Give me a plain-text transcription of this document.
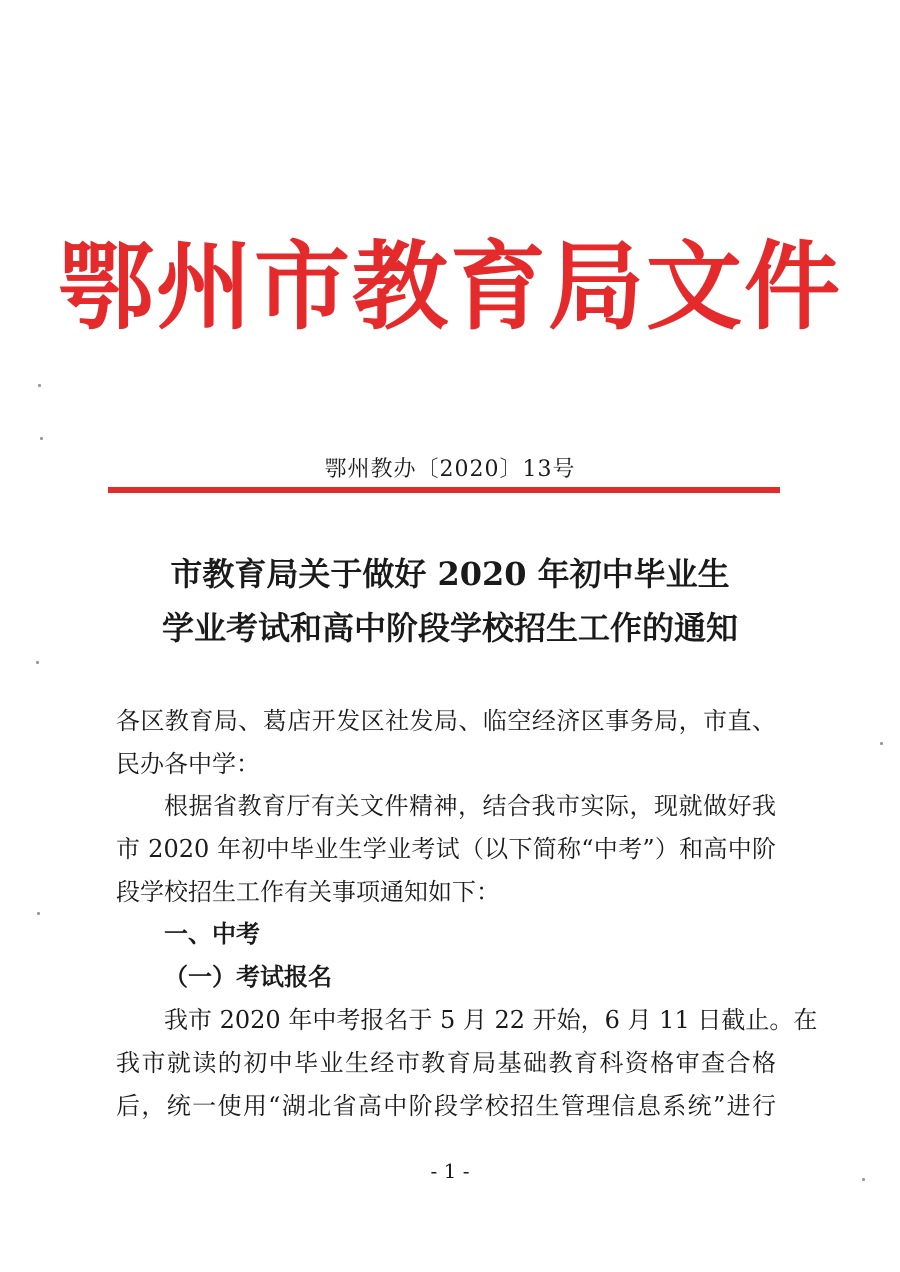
鄂州市教育局文件
鄂州教办〔2020〕13号
市教育局关于做好 2020 年初中毕业生
学业考试和高中阶段学校招生工作的通知
各区教育局、葛店开发区社发局、临空经济区事务局，市直、
民办各中学：
根据省教育厅有关文件精神，结合我市实际，现就做好我
市 2020 年初中毕业生学业考试（以下简称“中考”）和高中阶
段学校招生工作有关事项通知如下：
一、中考
（一）考试报名
我市 2020 年中考报名于 5 月 22 开始，6 月 11 日截止。在
我市就读的初中毕业生经市教育局基础教育科资格审查合格
后，统一使用“湖北省高中阶段学校招生管理信息系统”进行
- 1 -
